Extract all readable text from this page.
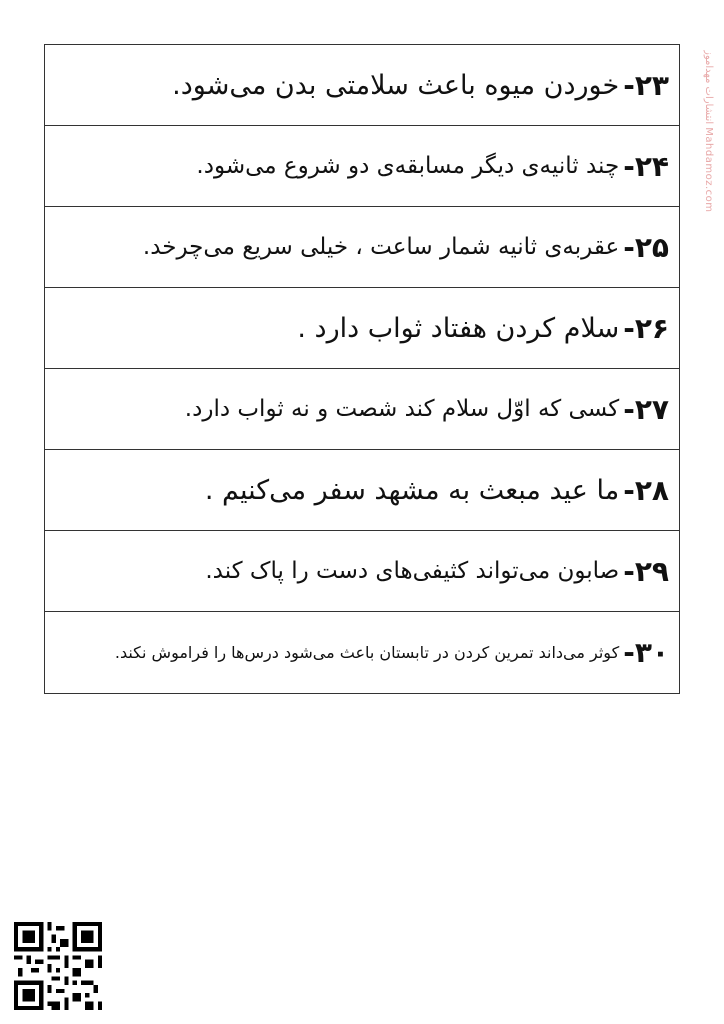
۲۳-
خوردن میوه باعث سلامتی بدن می‌شود.
۲۴-
چند ثانیه‌ی دیگر مسابقه‌ی دو شروع می‌شود.
۲۵-
عقربه‌ی ثانیه شمار ساعت ، خیلی سریع می‌چرخد.
۲۶-
سلام کردن هفتاد ثواب دارد .
۲۷-
کسی که اوّل سلام کند شصت و نه ثواب دارد.
۲۸-
ما عید مبعث به مشهد سفر می‌کنیم .
۲۹-
صابون می‌تواند کثیفی‌های دست را پاک کند.
۳۰-
کوثر می‌داند تمرین کردن در تابستان باعث می‌شود درس‌ها را فراموش نکند.
انتشارات مهدآموز Mahdamoz.com
